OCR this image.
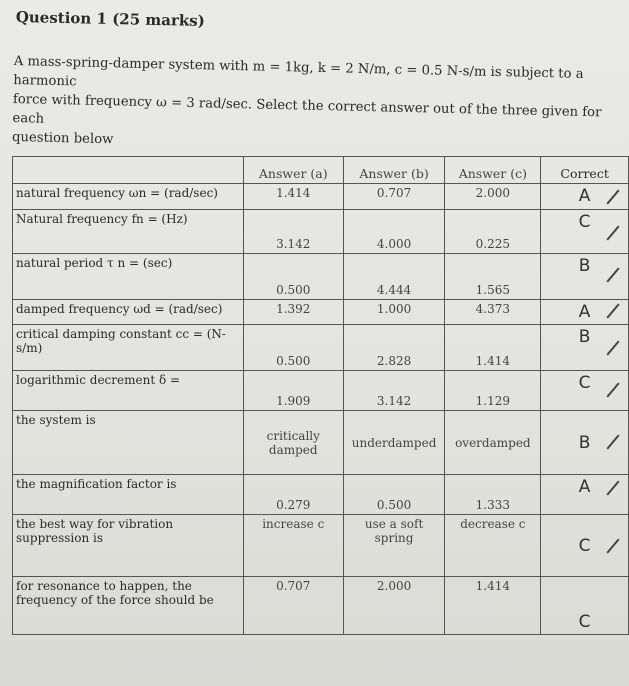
Question 1 (25 marks)
A mass-spring-damper system with m = 1kg, k = 2 N/m, c = 0.5 N-s/m is subject to a harmonic
force with frequency ω = 3 rad/sec. Select the correct answer out of the three given for each
question below
	Answer (a)	Answer (b)	Answer (c)	Correct
natural frequency ωn = (rad/sec)	1.414	0.707	2.000	A

Natural frequency fn = (Hz)	3.142	4.000	0.225	C

natural period τ n = (sec)	0.500	4.444	1.565	B

damped frequency ωd = (rad/sec)	1.392	1.000	4.373	A

critical damping constant cc = (N-s/m)	0.500	2.828	1.414	B

logarithmic decrement δ =	1.909	3.142	1.129	C

the system is	critically damped	underdamped	overdamped	B

the magnification factor is	0.279	0.500	1.333	A

the best way for vibration suppression is	increase c	use a soft spring	decrease c	C

for resonance to happen, the frequency of the force should be	0.707	2.000	1.414	C
